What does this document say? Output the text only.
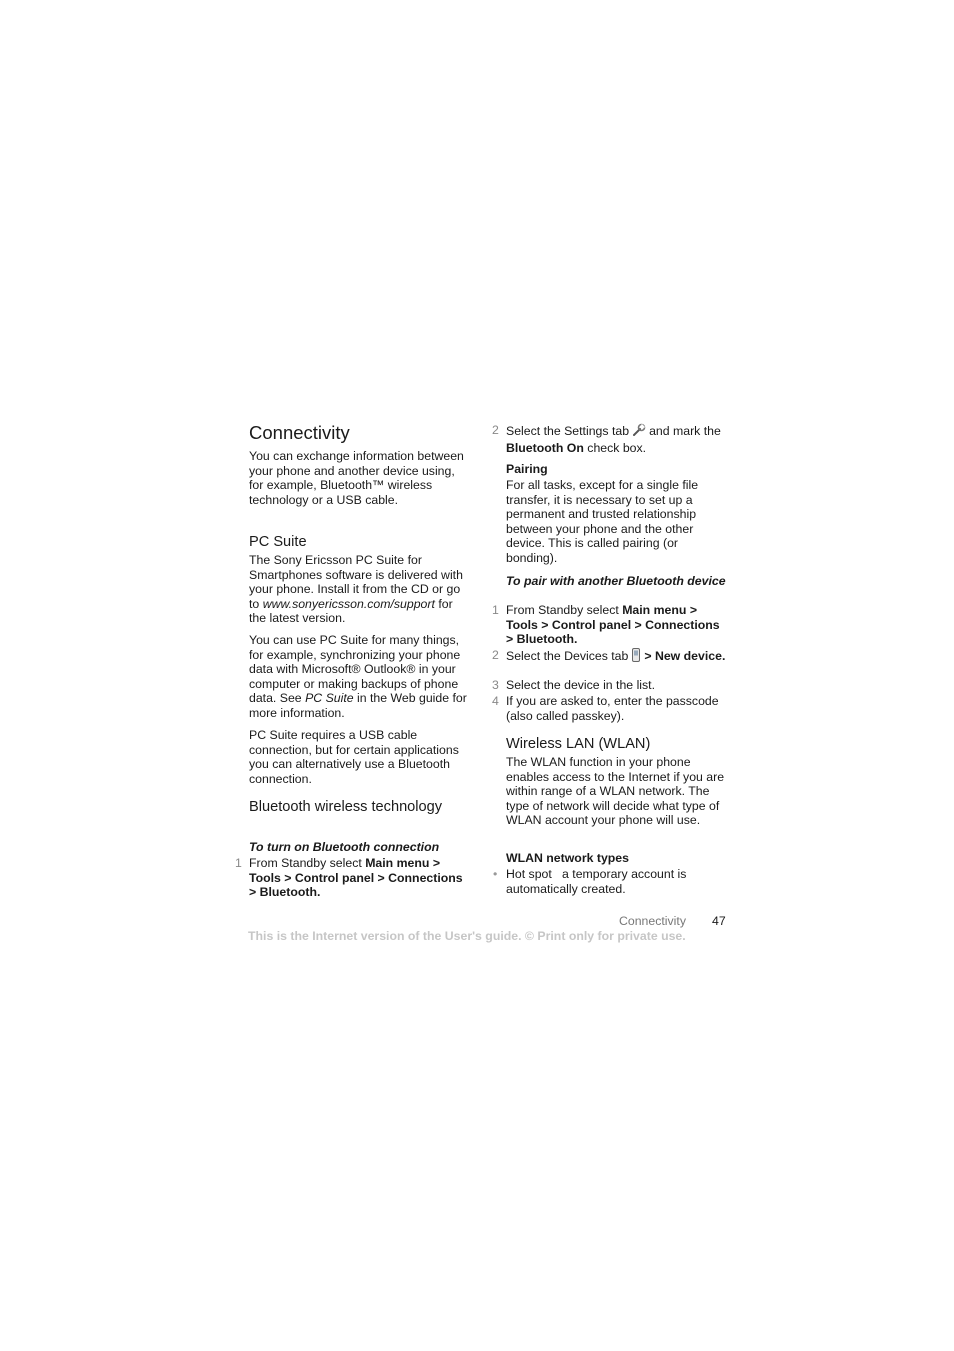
Connectivity
You can exchange information between your phone and another device using, for example, Bluetooth™ wireless technology or a USB cable.
PC Suite
The Sony Ericsson PC Suite for Smartphones software is delivered with your phone. Install it from the CD or go to www.sonyericsson.com/support for the latest version.
You can use PC Suite for many things, for example, synchronizing your phone data with Microsoft® Outlook® in your computer or making backups of phone data. See PC Suite in the Web guide for more information.
PC Suite requires a USB cable connection, but for certain applications you can alternatively use a Bluetooth connection.
Bluetooth wireless technology
To turn on Bluetooth connection
1 From Standby select Main menu > Tools > Control panel > Connections > Bluetooth.
2 Select the Settings tab and mark the Bluetooth On check box.
Pairing
For all tasks, except for a single file transfer, it is necessary to set up a permanent and trusted relationship between your phone and the other device. This is called pairing (or bonding).
To pair with another Bluetooth device
1 From Standby select Main menu > Tools > Control panel > Connections > Bluetooth.
2 Select the Devices tab > New device.
3 Select the device in the list.
4 If you are asked to, enter the passcode (also called passkey).
Wireless LAN (WLAN)
The WLAN function in your phone enables access to the Internet if you are within range of a WLAN network. The type of network will decide what type of WLAN account your phone will use.
WLAN network types
• Hot spot a temporary account is automatically created.
Connectivity 47
This is the Internet version of the User's guide. © Print only for private use.
